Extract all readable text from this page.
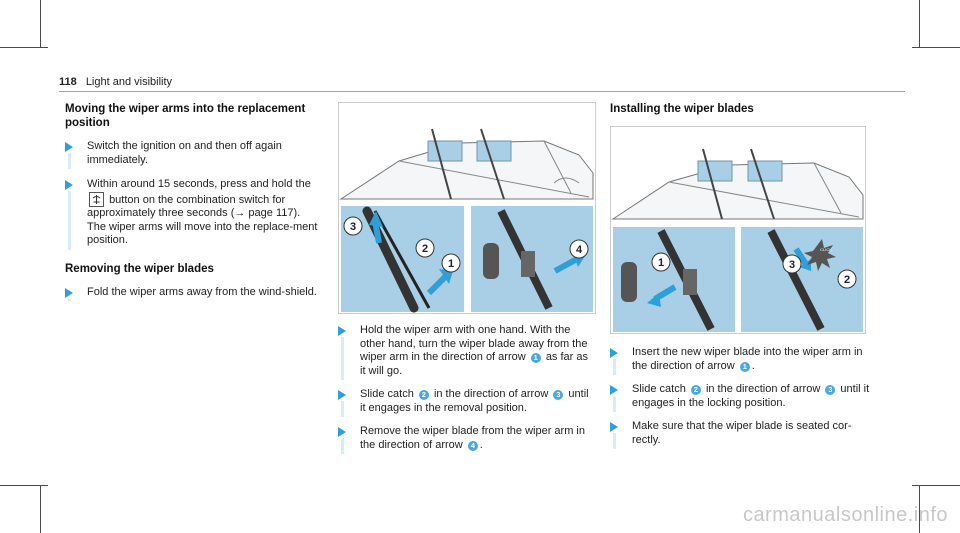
118 Light and visibility
Moving the wiper arms into the replacement position
Switch the ignition on and then off again immediately.
Within around 15 seconds, press and hold the  button on the combination switch for approximately three seconds (→ page 117).
The wiper arms will move into the replace-ment position.
Removing the wiper blades
Fold the wiper arms away from the wind-shield.
3
2
1
4
Hold the wiper arm with one hand. With the other hand, turn the wiper blade away from the wiper arm in the direction of arrow 1 as far as it will go.
Slide catch 2 in the direction of arrow 3 until it engages in the removal position.
Remove the wiper blade from the wiper arm in the direction of arrow 4 .
Installing the wiper blades
CLICK
1	3
2
Insert the new wiper blade into the wiper arm in the direction of arrow 1 .
Slide catch 2 in the direction of arrow 3 until it engages in the locking position.
Make sure that the wiper blade is seated cor-rectly.
carmanualsonline.info
